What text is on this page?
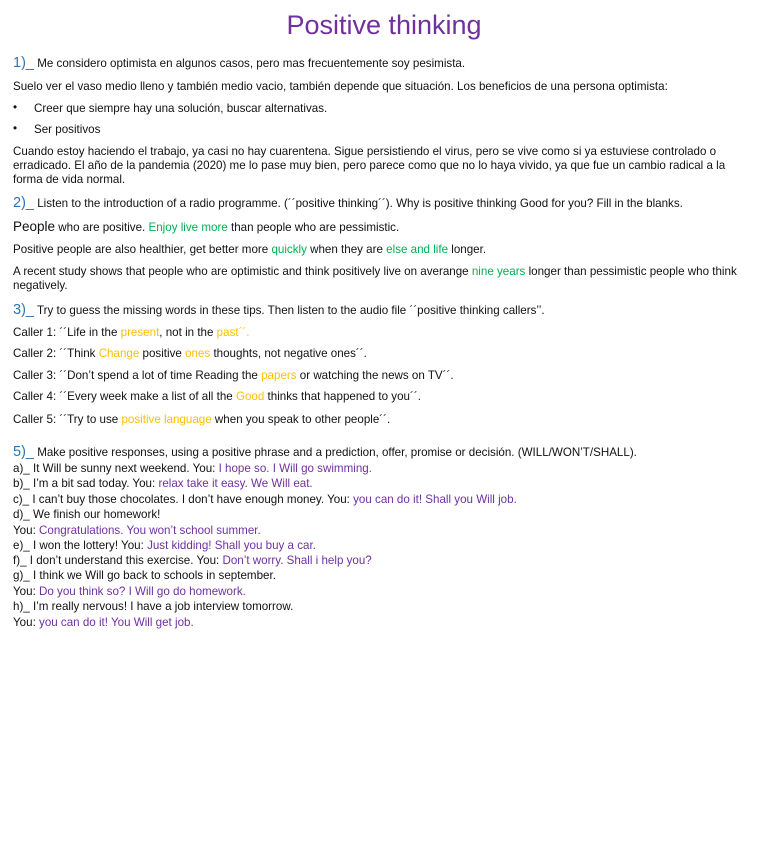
Positive thinking
1)_ Me considero optimista en algunos casos, pero mas frecuentemente soy pesimista.
Suelo ver el vaso medio lleno y también medio vacio, también depende que situación. Los beneficios de una persona optimista:
• Creer que siempre hay una solución, buscar alternativas.
• Ser positivos
Cuando estoy haciendo el trabajo, ya casi no hay cuarentena. Sigue persistiendo el virus, pero se vive como si ya estuviese controlado o erradicado. El año de la pandemia (2020) me lo pase muy bien, pero parece como que no lo haya vivido, ya que fue un cambio radical a la forma de vida normal.
2)_ Listen to the introduction of a radio programme. (´´positive thinking´´). Why is positive thinking Good for you? Fill in the blanks.
People who are positive. Enjoy live more than people who are pessimistic.
Positive people are also healthier, get better more quickly when they are else and life longer.
A recent study shows that people who are optimistic and think positively live on averange nine years longer than pessimistic people who think negatively.
3)_ Try to guess the missing words in these tips. Then listen to the audio file ´´positive thinking callers’’.
Caller 1: ´´Life in the present, not in the past´´.
Caller 2: ´´Think Change positive ones thoughts, not negative ones´´.
Caller 3: ´´Don’t spend a lot of time Reading the papers or watching the news on TV´´.
Caller 4: ´´Every week make a list of all the Good thinks that happened to you´´.
Caller 5: ´´Try to use positive language when you speak to other people´´.
5)_ Make positive responses, using a positive phrase and a prediction, offer, promise or decisión. (WILL/WON’T/SHALL).
a)_ It Will be sunny next weekend. You: I hope so. I Will go swimming.
b)_ I’m a bit sad today. You: relax take it easy. We Will eat.
c)_ I can’t buy those chocolates. I don’t have enough money. You: you can do it! Shall you Will job.
d)_ We finish our homework!
You: Congratulations. You won’t school summer.
e)_ I won the lottery! You: Just kidding! Shall you buy a car.
f)_ I don’t understand this exercise. You: Don’t worry. Shall i help you?
g)_ I think we Will go back to schools in september.
You: Do you think so? I Will go do homework.
h)_ I’m really nervous! I have a job interview tomorrow.
You: you can do it! You Will get job.
